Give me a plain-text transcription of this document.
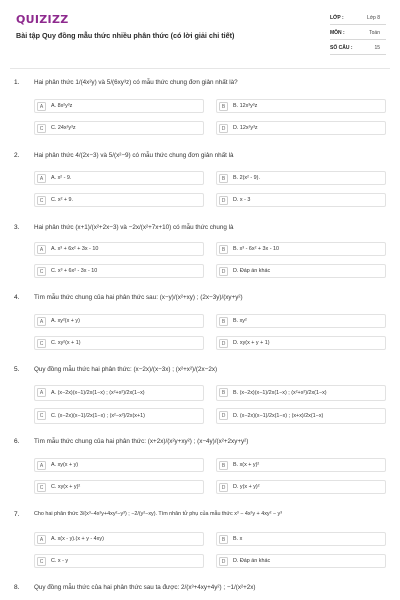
QUIZIZZ
Bài tập Quy đồng mẫu thức nhiều phân thức (có lời giải chi tiết)
LỚP :	Lớp 8
MÔN :	Toán
SỐ CÂU :	15
1. Hai phân thức 1/(4x²y) và 5/(6xy³z) có mẫu thức chung đơn giản nhất là?
A	A. 8x²y³z	B	B. 12x³y³z
C	C. 24x²y³z	D	D. 12x²y³z
2. Hai phân thức 4/(2x−3) và 5/(x²−9) có mẫu thức chung đơn giản nhất là
A	A. x² - 9.	B	B. 2(x² - 9).
C	C. x² + 9.	D	D. x - 3
3. Hai phân thức (x+1)/(x²+2x−3) và −2x/(x²+7x+10) có mẫu thức chung là
A	A. x³ + 6x² + 3x - 10	B	B. x³ - 6x² + 3x - 10
C	C. x³ + 6x² - 3x - 10	D	D. Đáp án khác
4. Tìm mẫu thức chung của hai phân thức sau: (x−y)/(x²+xy) ; (2x−3y)/(xy+y²)
A	A. xy²(x + y)	B	B. xy²
C	C. xy²(x + 1)	D	D. xy(x + y + 1)
5. Quy đồng mẫu thức hai phân thức: (x−2x)/(x−3x) ; (x²+x²)/(2x−2x)
A	A. (x−2x)(x−1)/2x(1−x) ; (x²+x²)/2x(1−x)	B	B. (x−2x)(x−1)/2x(1−x) ; (x²+x²)/2x(1−x)
C	C. (x−2x)(x−1)/2x(1−x) ; (x²−x²)/2x(x+1)	D	D. (x−2x)(x−1)/2x(1−x) ; (x+x)/2x(1−x)
6. Tìm mẫu thức chung của hai phân thức: (x+2x)/(x²y+xy²) ; (x−4y)/(x²+2xy+y²)
A	A. xy(x + y)	B	B. x(x + y)²
C	C. xy(x + y)²	D	D. y(x + y)²
7.	Cho hai phân thức 3/(x³−4x²y+4xy²−y³) ; −2/(y²−xy). Tìm nhân tử phụ của mẫu thức x³ − 4x²y + 4xy² − y³
A	A. x(x - y).(x + y - 4xy)	B	B. x
C	C. x - y	D	D. Đáp án khác
8. Quy đồng mẫu thức của hai phân thức sau ta được: 2/(x³+4xy+4y²) ; −1/(x²+2x)
